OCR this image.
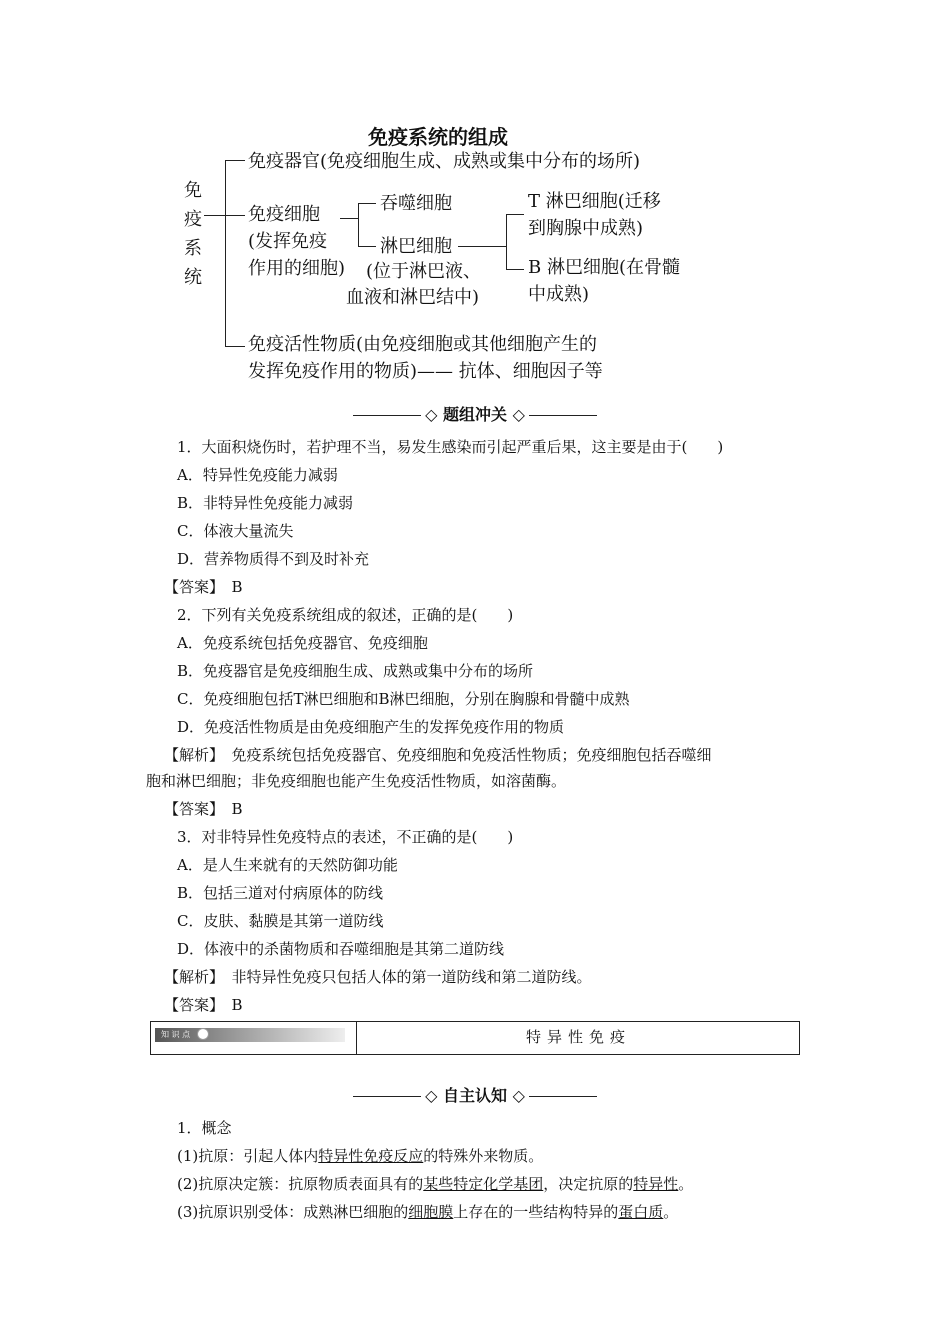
免疫系统的组成
免
疫
系
统
免疫器官(免疫细胞生成、成熟或集中分布的场所)
免疫细胞
(发挥免疫
作用的细胞)
吞噬细胞
淋巴细胞
(位于淋巴液、
血液和淋巴结中)
T 淋巴细胞(迁移
到胸腺中成熟)
B 淋巴细胞(在骨髓
中成熟)
免疫活性物质(由免疫细胞或其他细胞产生的
发挥免疫作用的物质)—— 抗体、细胞因子等
◇ 题组冲关 ◇
1．大面积烧伤时，若护理不当，易发生感染而引起严重后果，这主要是由于(　　)
A．特异性免疫能力减弱
B．非特异性免疫能力减弱
C．体液大量流失
D．营养物质得不到及时补充
【答案】　B
2．下列有关免疫系统组成的叙述，正确的是(　　)
A．免疫系统包括免疫器官、免疫细胞
B．免疫器官是免疫细胞生成、成熟或集中分布的场所
C．免疫细胞包括T淋巴细胞和B淋巴细胞，分别在胸腺和骨髓中成熟
D．免疫活性物质是由免疫细胞产生的发挥免疫作用的物质
【解析】　免疫系统包括免疫器官、免疫细胞和免疫活性物质；免疫细胞包括吞噬细
胞和淋巴细胞；非免疫细胞也能产生免疫活性物质，如溶菌酶。
【答案】　B
3．对非特异性免疫特点的表述，不正确的是(　　)
A．是人生来就有的天然防御功能
B．包括三道对付病原体的防线
C．皮肤、黏膜是其第一道防线
D．体液中的杀菌物质和吞噬细胞是其第二道防线
【解析】　非特异性免疫只包括人体的第一道防线和第二道防线。
【答案】　B
知 识 点	特异性免疫
◇ 自主认知 ◇
1．概念
(1)抗原：引起人体内特异性免疫反应的特殊外来物质。
(2)抗原决定簇：抗原物质表面具有的某些特定化学基团，决定抗原的特异性。
(3)抗原识别受体：成熟淋巴细胞的细胞膜上存在的一些结构特异的蛋白质。
